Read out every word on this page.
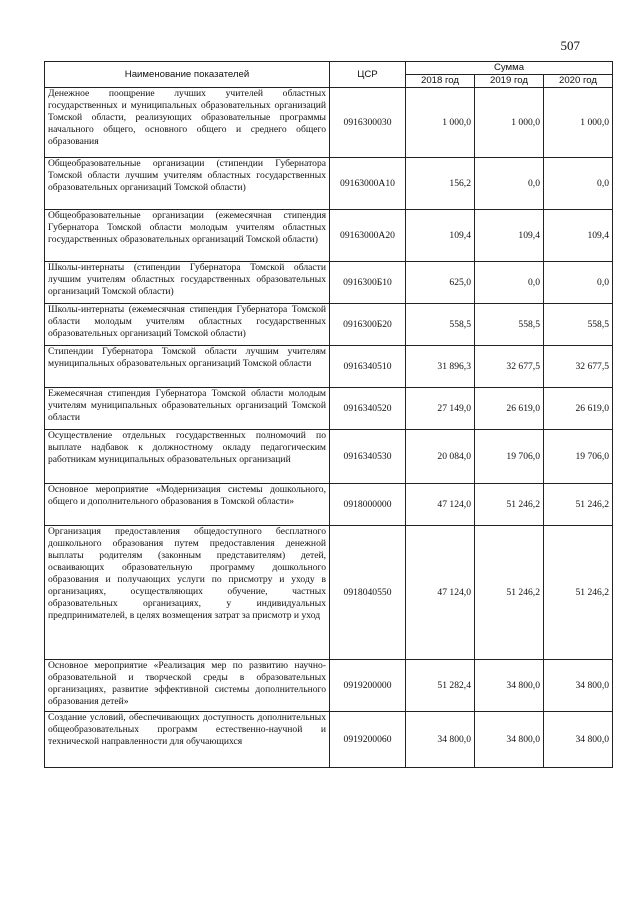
507
Наименование показателей	ЦСР	Сумма		
		2018 год	2019 год	2020 год
Денежное поощрение лучших учителей областных государственных и муниципальных образовательных организаций Томской области, реализующих образовательные программы начального общего, основного общего и среднего общего образования	0916300030	1 000,0	1 000,0	1 000,0
Общеобразовательные организации (стипендии Губернатора Томской области лучшим учителям областных государственных образовательных организаций Томской области)	09163000А10	156,2	0,0	0,0
Общеобразовательные организации (ежемесячная стипендия Губернатора Томской области молодым учителям областных государственных образовательных организаций Томской области)	09163000А20	109,4	109,4	109,4
Школы-интернаты (стипендии Губернатора Томской области лучшим учителям областных государственных образовательных организаций Томской области)	0916300Б10	625,0	0,0	0,0
Школы-интернаты (ежемесячная стипендия Губернатора Томской области молодым учителям областных государственных образовательных организаций Томской области)	0916300Б20	558,5	558,5	558,5
Стипендии Губернатора Томской области лучшим учителям муниципальных образовательных организаций Томской области	0916340510	31 896,3	32 677,5	32 677,5
Ежемесячная стипендия Губернатора Томской области молодым учителям муниципальных образовательных организаций Томской области	0916340520	27 149,0	26 619,0	26 619,0
Осуществление отдельных государственных полномочий по выплате надбавок к должностному окладу педагогическим работникам муниципальных образовательных организаций	0916340530	20 084,0	19 706,0	19 706,0
Основное мероприятие «Модернизация системы дошкольного, общего и дополнительного образования в Томской области»	0918000000	47 124,0	51 246,2	51 246,2
Организация предоставления общедоступного бесплатного дошкольного образования путем предоставления денежной выплаты родителям (законным представителям) детей, осваивающих образовательную программу дошкольного образования и получающих услуги по присмотру и уходу в организациях, осуществляющих обучение, частных образовательных организациях, у индивидуальных предпринимателей, в целях возмещения затрат за присмотр и уход	0918040550	47 124,0	51 246,2	51 246,2
Основное мероприятие «Реализация мер по развитию научно-образовательной и творческой среды в образовательных организациях, развитие эффективной системы дополнительного образования детей»	0919200000	51 282,4	34 800,0	34 800,0
Создание условий, обеспечивающих доступность дополнительных общеобразовательных программ естественно-научной и технической направленности для обучающихся	0919200060	34 800,0	34 800,0	34 800,0
